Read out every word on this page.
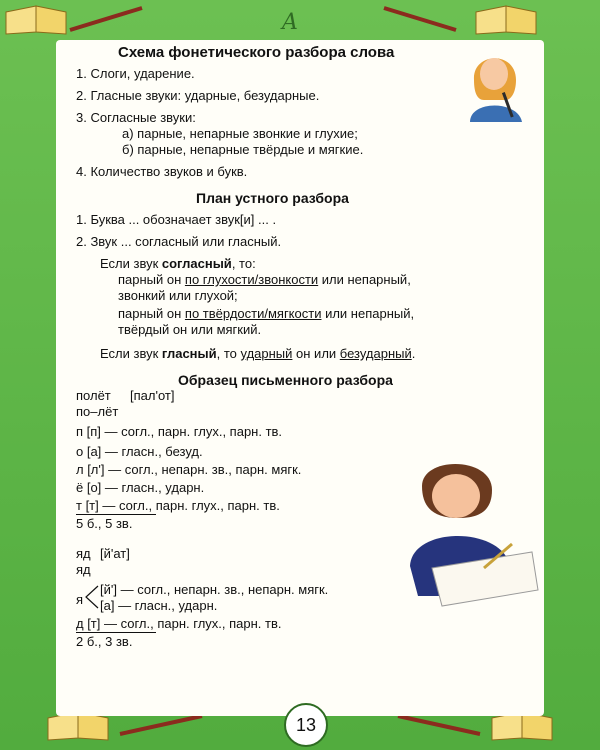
A
Схема фонетического разбора слова
1. Слоги, ударение.
2. Гласные звуки: ударные, безударные.
3. Согласные звуки:
а) парные, непарные звонкие и глухие;
б) парные, непарные твёрдые и мягкие.
4. Количество звуков и букв.
План устного разбора
1. Буква ... обозначает звук[и] ... .
2. Звук ... согласный или гласный.
Если звук согласный, то:
парный он по глухости/звонкости или непарный,
звонкий или глухой;
парный он по твёрдости/мягкости или непарный,
твёрдый он или мягкий.
Если звук гласный, то ударный он или безударный.
Образец письменного разбора
полёт [пал'от]
по–лёт
п [п] — согл., парн. глух., парн. тв.
о [а] — гласн., безуд.
л [л'] — согл., непарн. зв., парн. мягк.
ё [о] — гласн., ударн.
т [т] — согл., парн. глух., парн. тв.
5 б., 5 зв.
яд [й'ат]
яд
я
[й'] — согл., непарн. зв., непарн. мягк.
[а] — гласн., ударн.
д [т] — согл., парн. глух., парн. тв.
2 б., 3 зв.
13
